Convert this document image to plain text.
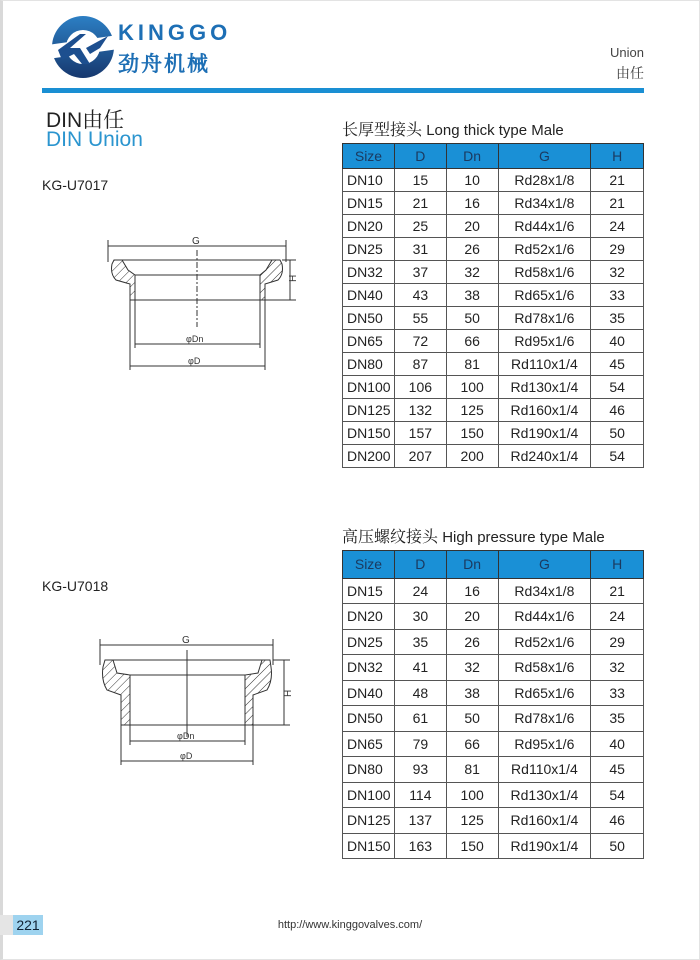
KINGGO
劲舟机械	Union
由任
DIN由任
DIN Union
KG-U7017
G
H
φDn
φD
长厚型接头 Long thick type Male
Size	D	Dn	G	H
DN10	15	10	Rd28x1/8	21
DN15	21	16	Rd34x1/8	21
DN20	25	20	Rd44x1/6	24
DN25	31	26	Rd52x1/6	29
DN32	37	32	Rd58x1/6	32
DN40	43	38	Rd65x1/6	33
DN50	55	50	Rd78x1/6	35
DN65	72	66	Rd95x1/6	40
DN80	87	81	Rd110x1/4	45
DN100	106	100	Rd130x1/4	54
DN125	132	125	Rd160x1/4	46
DN150	157	150	Rd190x1/4	50
DN200	207	200	Rd240x1/4	54
KG-U7018
G
H
φDn
φD
高压螺纹接头 High pressure type Male
Size	D	Dn	G	H
DN15	24	16	Rd34x1/8	21
DN20	30	20	Rd44x1/6	24
DN25	35	26	Rd52x1/6	29
DN32	41	32	Rd58x1/6	32
DN40	48	38	Rd65x1/6	33
DN50	61	50	Rd78x1/6	35
DN65	79	66	Rd95x1/6	40
DN80	93	81	Rd110x1/4	45
DN100	114	100	Rd130x1/4	54
DN125	137	125	Rd160x1/4	46
DN150	163	150	Rd190x1/4	50
221	http://www.kinggovalves.com/
